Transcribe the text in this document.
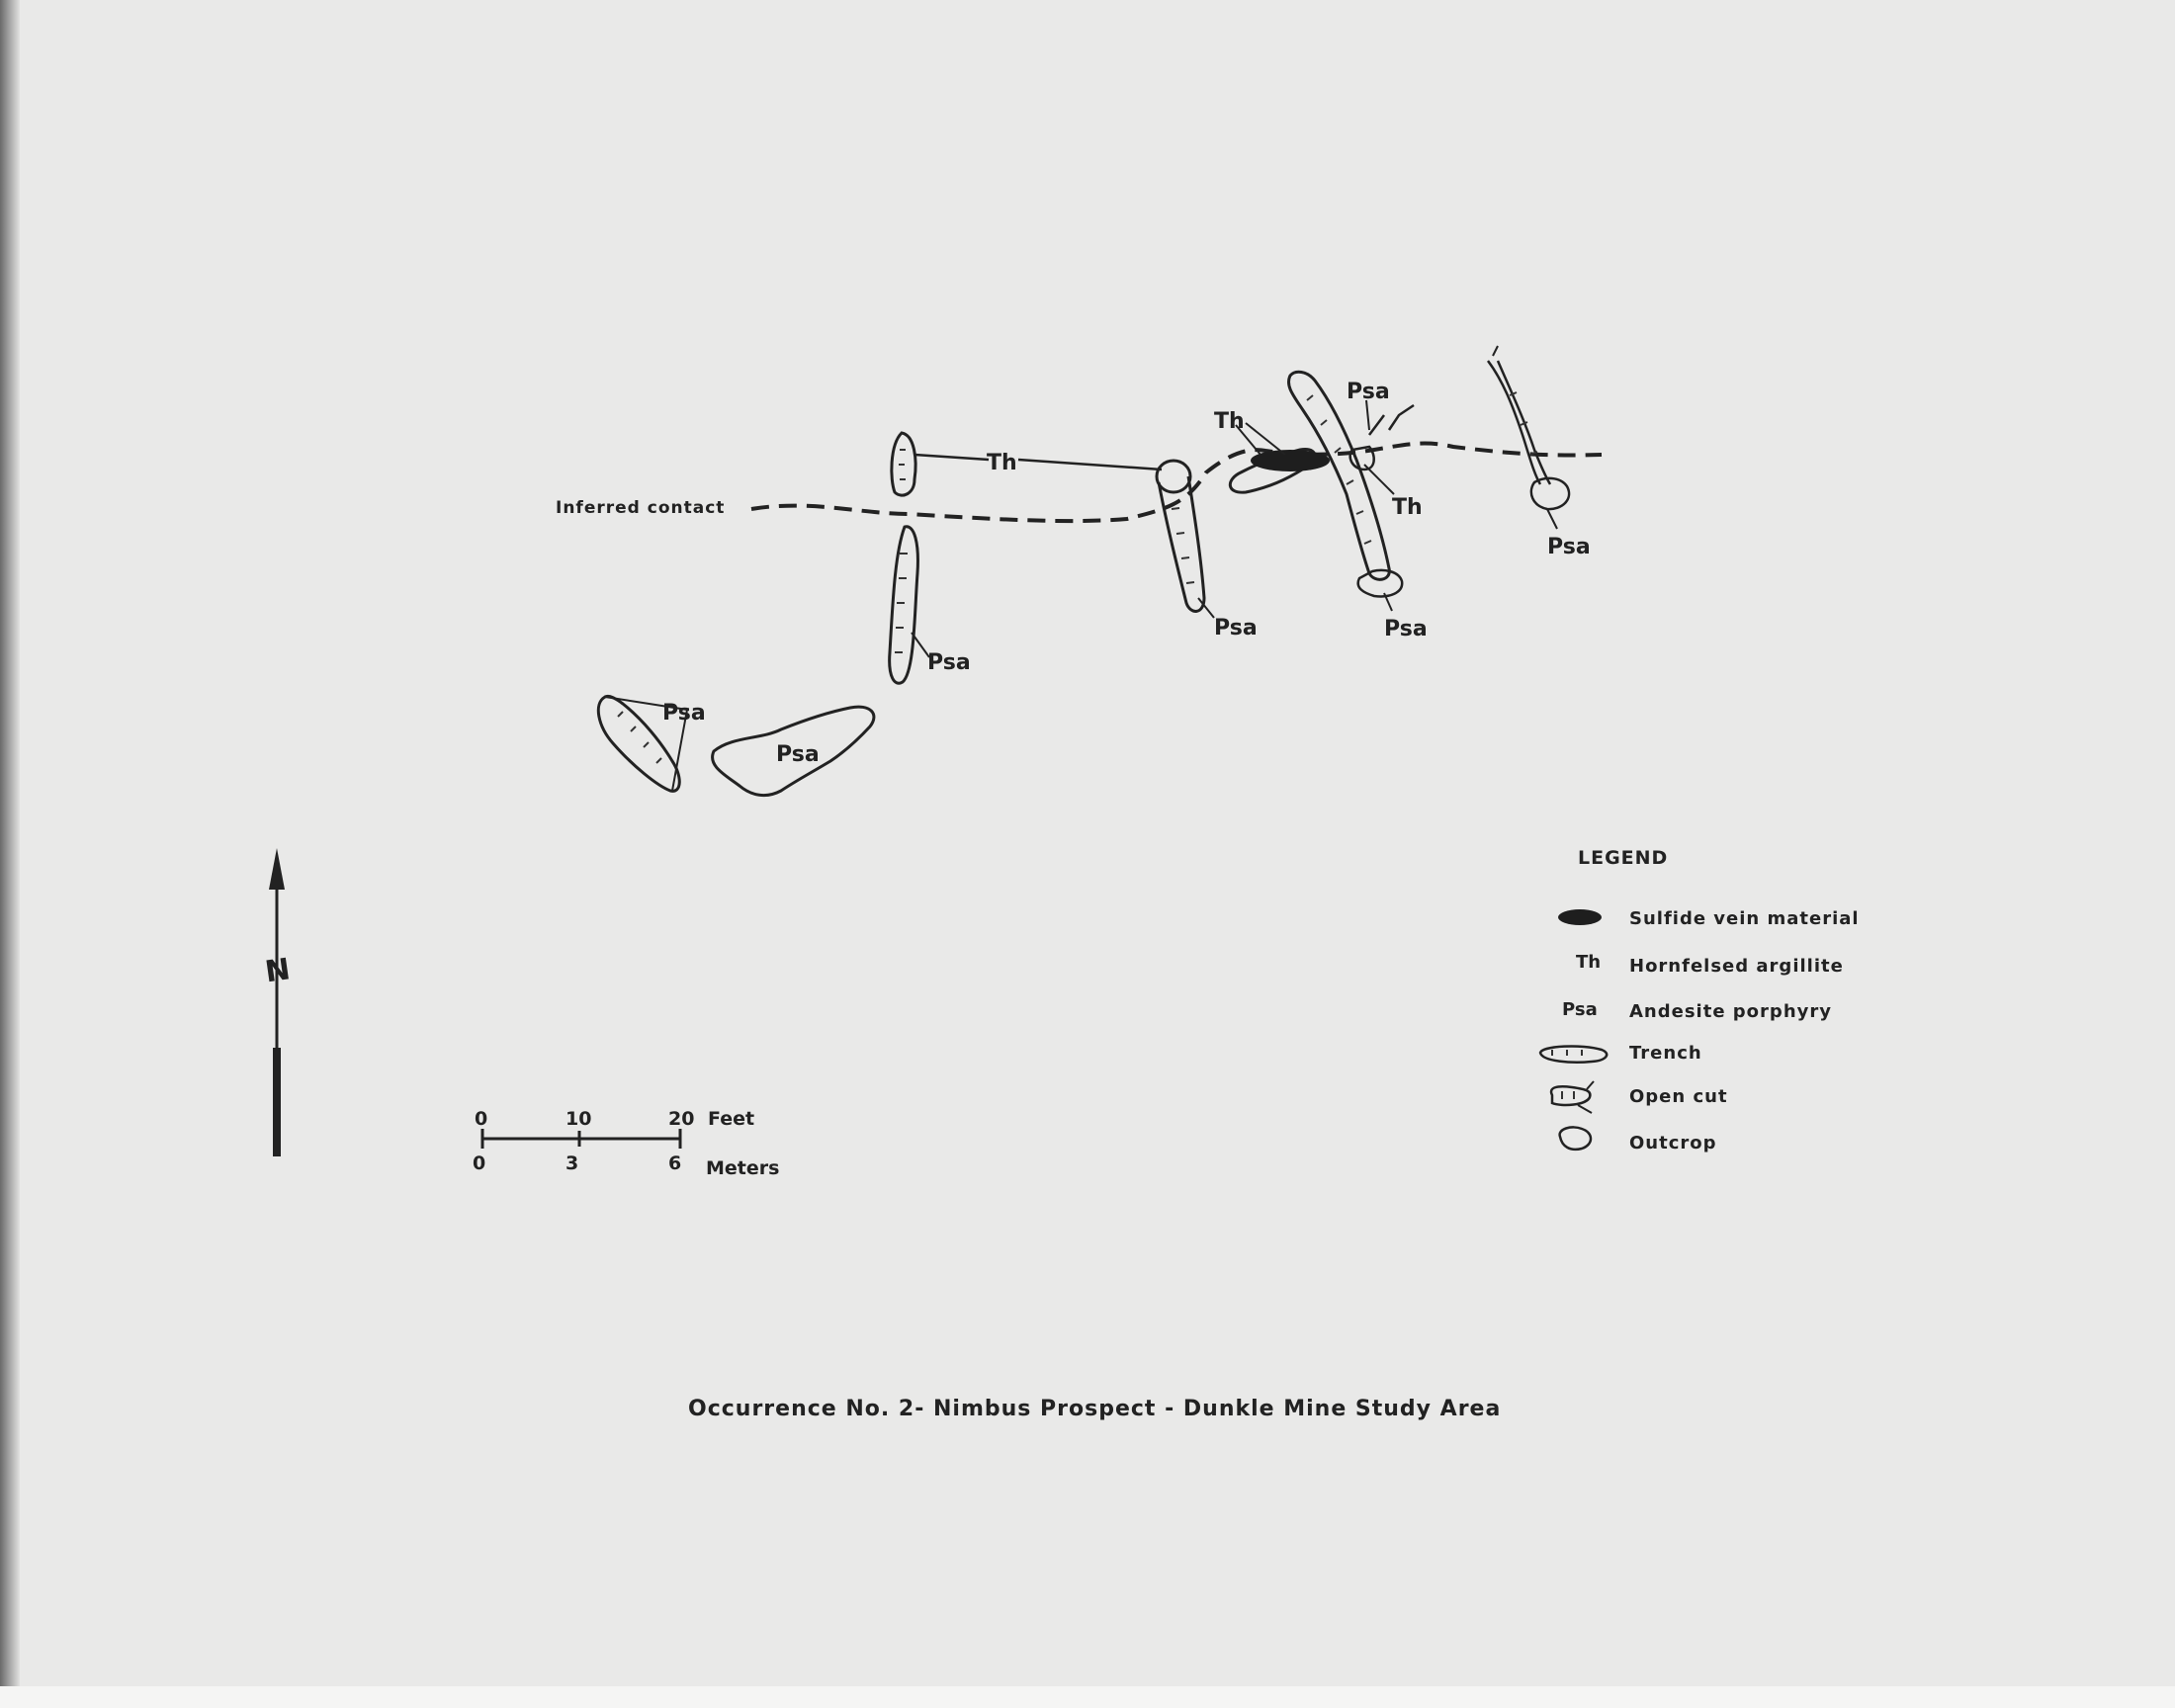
Inferred contact
Th
Psa
Psa
Psa
Psa
Th
Th
Psa
Psa
Psa
N
0	10	20 Feet
0	3	6 Meters
LEGEND
Sulfide vein material
Th Hornfelsed argillite
Psa Andesite porphyry
Trench
Open cut
Outcrop
Occurrence No. 2- Nimbus Prospect - Dunkle Mine Study Area
